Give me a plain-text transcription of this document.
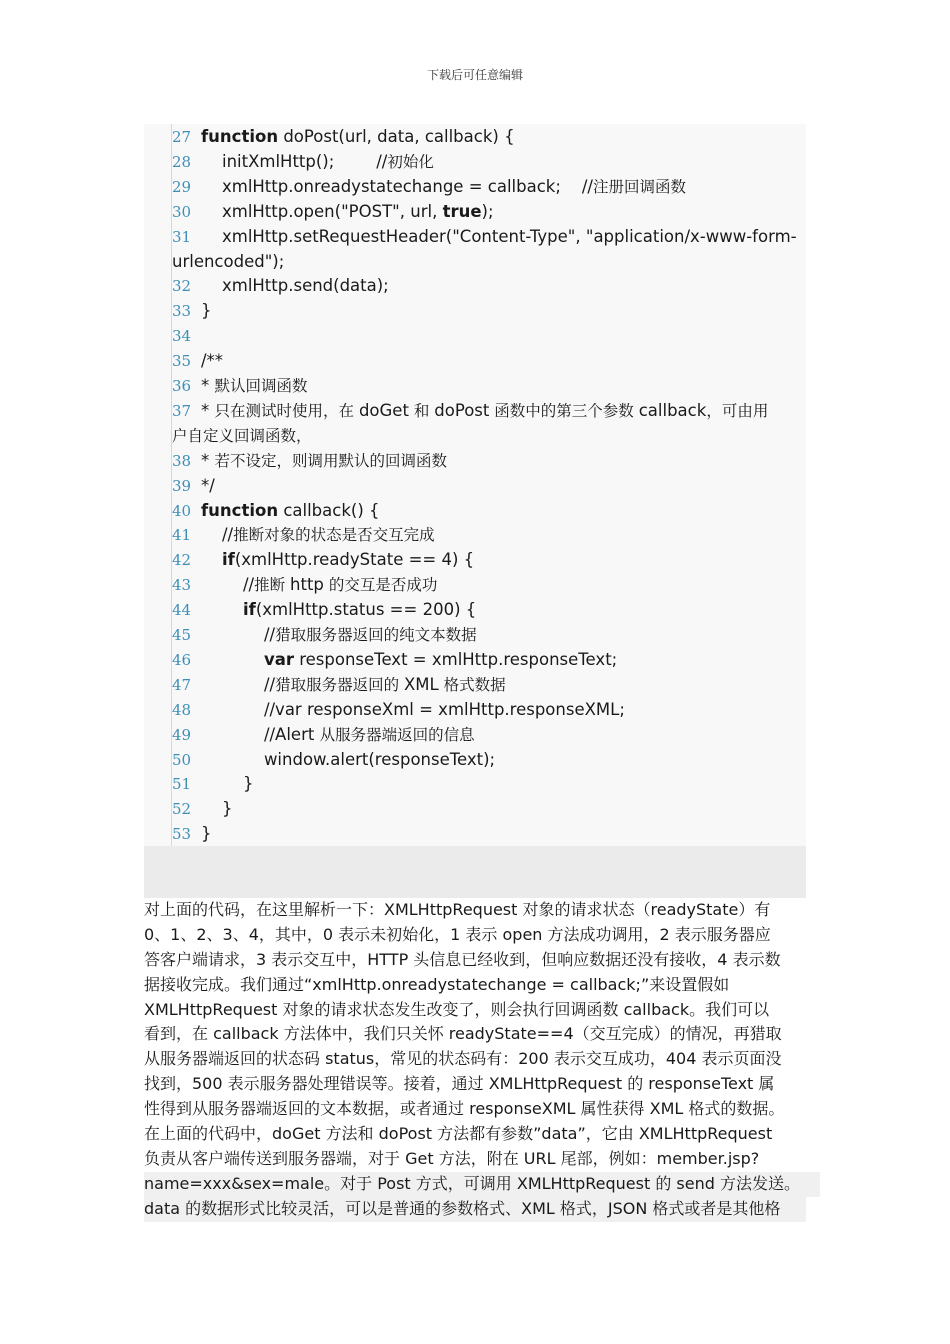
下载后可任意编辑
27 function doPost(url, data, callback) {
28    initXmlHttp();        //初始化
29    xmlHttp.onreadystatechange = callback;    //注册回调函数
30    xmlHttp.open("POST", url, true);
31    xmlHttp.setRequestHeader("Content-Type", "application/x-www-form-
urlencoded");
32    xmlHttp.send(data);
33 }
34
35 /**
36 * 默认回调函数
37 * 只在测试时使用，在 doGet 和 doPost 函数中的第三个参数 callback，可由用
户自定义回调函数，
38 * 若不设定，则调用默认的回调函数
39 */
40 function callback() {
41    //推断对象的状态是否交互完成
42 if(xmlHttp.readyState == 4) {
43        //推断 http 的交互是否成功
44	if(xmlHttp.status == 200) {
45            //猎取服务器返回的纯文本数据
46	var responseText = xmlHttp.responseText;
47            //猎取服务器返回的 XML 格式数据
48            //var responseXml = xmlHttp.responseXML;
49            //Alert 从服务器端返回的信息
50            window.alert(responseText);
51        }
52    }
53 }
对上面的代码，在这里解析一下：XMLHttpRequest 对象的请求状态（readyState）有
0、1、2、3、4，其中，0 表示未初始化，1 表示 open 方法成功调用，2 表示服务器应
答客户端请求，3 表示交互中，HTTP 头信息已经收到，但响应数据还没有接收，4 表示数
据接收完成。我们通过“xmlHttp.onreadystatechange = callback;”来设置假如
XMLHttpRequest 对象的请求状态发生改变了，则会执行回调函数 callback。我们可以
看到，在 callback 方法体中，我们只关怀 readyState==4（交互完成）的情况，再猎取
从服务器端返回的状态码 status，常见的状态码有：200 表示交互成功，404 表示页面没
找到，500 表示服务器处理错误等。接着，通过 XMLHttpRequest 的 responseText 属
性得到从服务器端返回的文本数据，或者通过 responseXML 属性获得 XML 格式的数据。
在上面的代码中，doGet 方法和 doPost 方法都有参数”data”，它由 XMLHttpRequest
负责从客户端传送到服务器端，对于 Get 方法，附在 URL 尾部，例如：member.jsp?
name=xxx&sex=male。对于 Post 方式，可调用 XMLHttpRequest 的 send 方法发送。
data 的数据形式比较灵活，可以是普通的参数格式、XML 格式，JSON 格式或者是其他格
